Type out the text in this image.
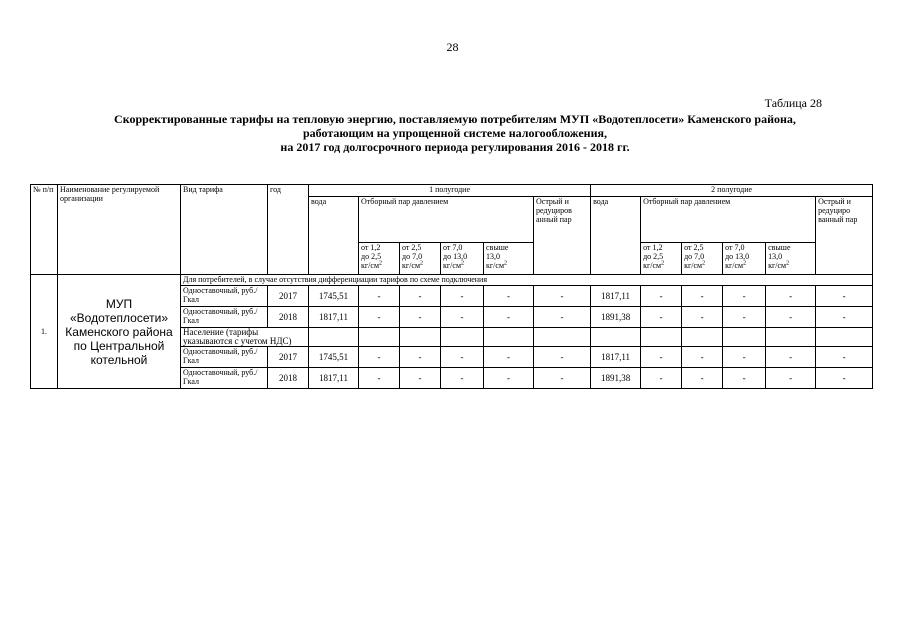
28
Таблица 28
Скорректированные тарифы на тепловую энергию, поставляемую потребителям МУП «Водотеплосети» Каменского района,
работающим на упрощенной системе налогообложения,
на 2017 год долгосрочного периода регулирования 2016 - 2018 гг.
№ п/п	Наименование регулируемой организации	Вид тарифа	год	1 полугодие						2 полугодие					
				вода	Отборный пар давлением				Острый и редуциров анный пар	вода	Отборный пар давлением				Острый и редуциро ванный пар

					от 1,2
до 2,5
$кг/см^2$	от 2,5
до 7,0
$кг/см^2$	от 7,0
до 13,0
$кг/см^2$	свыше
13,0
$кг/см^2$			от 1,2
до 2,5
$кг/см^2$	от 2,5
до 7,0
$кг/см^2$	от 7,0
до 13,0
$кг/см^2$	свыше
13,0
$кг/см^2$

1.	МУП «Водотеплосети» Каменского района по Центральной котельной	Для потребителей, в случае отсутствия дифференциации тарифов по схеме подключения													
		Одноставочный, руб./Гкал	2017	1745,51	-	-	-	-	-	1817,11	-	-	-	-	-
		Одноставочный, руб./Гкал	2018	1817,11	-	-	-	-	-	1891,38	-	-	-	-	-
		Население (тарифы указываются с учетом НДС)													
		Одноставочный, руб./Гкал	2017	1745,51	-	-	-	-	-	1817,11	-	-	-	-	-
		Одноставочный, руб./Гкал	2018	1817,11	-	-	-	-	-	1891,38	-	-	-	-	-
